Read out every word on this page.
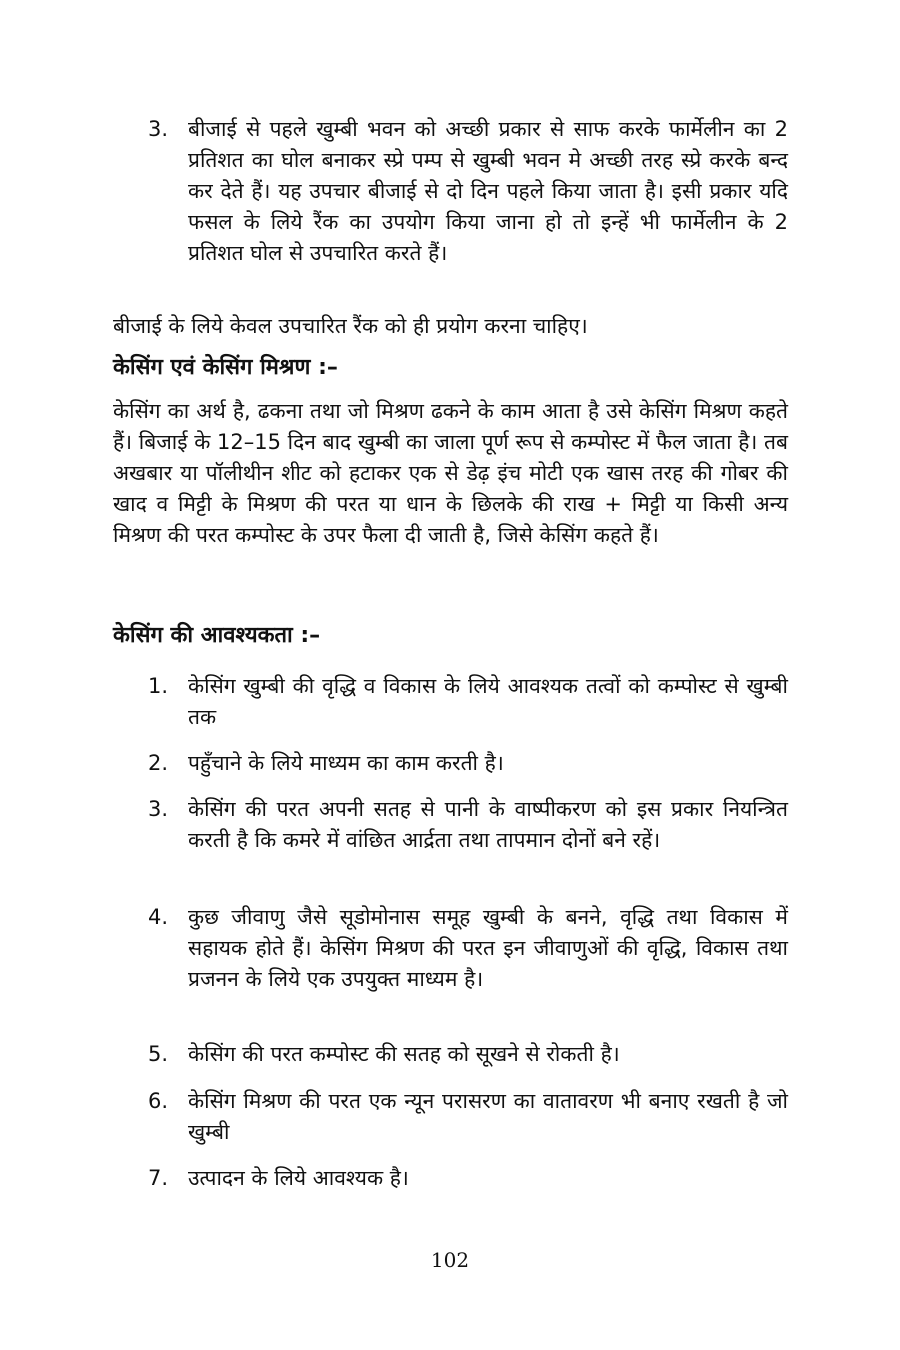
3. बीजाई से पहले खुम्बी भवन को अच्छी प्रकार से साफ करके फार्मेलीन का 2 प्रतिशत का घोल बनाकर स्प्रे पम्प से खुम्बी भवन मे अच्छी तरह स्प्रे करके बन्द कर देते हैं। यह उपचार बीजाई से दो दिन पहले किया जाता है। इसी प्रकार यदि फसल के लिये रैंक का उपयोग किया जाना हो तो इन्हें भी फार्मेलीन के 2 प्रतिशत घोल से उपचारित करते हैं।
बीजाई के लिये केवल उपचारित रैंक को ही प्रयोग करना चाहिए।
केसिंग एवं केसिंग मिश्रण :–
केसिंग का अर्थ है, ढकना तथा जो मिश्रण ढकने के काम आता है उसे केसिंग मिश्रण कहते हैं। बिजाई के 12–15 दिन बाद खुम्बी का जाला पूर्ण रूप से कम्पोस्ट में फैल जाता है। तब अखबार या पॉलीथीन शीट को हटाकर एक से डेढ़ इंच मोटी एक खास तरह की गोबर की खाद व मिट्टी के मिश्रण की परत या धान के छिलके की राख + मिट्टी या किसी अन्य मिश्रण की परत कम्पोस्ट के उपर फैला दी जाती है, जिसे केसिंग कहते हैं।
केसिंग की आवश्यकता :–
1. केसिंग खुम्बी की वृद्धि व विकास के लिये आवश्यक तत्वों को कम्पोस्ट से खुम्बी तक
2. पहुँचाने के लिये माध्यम का काम करती है।
3. केसिंग की परत अपनी सतह से पानी के वाष्पीकरण को इस प्रकार नियन्त्रित करती है कि कमरे में वांछित आर्द्रता तथा तापमान दोनों बने रहें।
4. कुछ जीवाणु जैसे सूडोमोनास समूह खुम्बी के बनने, वृद्धि तथा विकास में सहायक होते हैं। केसिंग मिश्रण की परत इन जीवाणुओं की वृद्धि, विकास तथा प्रजनन के लिये एक उपयुक्त माध्यम है।
5. केसिंग की परत कम्पोस्ट की सतह को सूखने से रोकती है।
6. केसिंग मिश्रण की परत एक न्यून परासरण का वातावरण भी बनाए रखती है जो खुम्बी
7. उत्पादन के लिये आवश्यक है।
102
